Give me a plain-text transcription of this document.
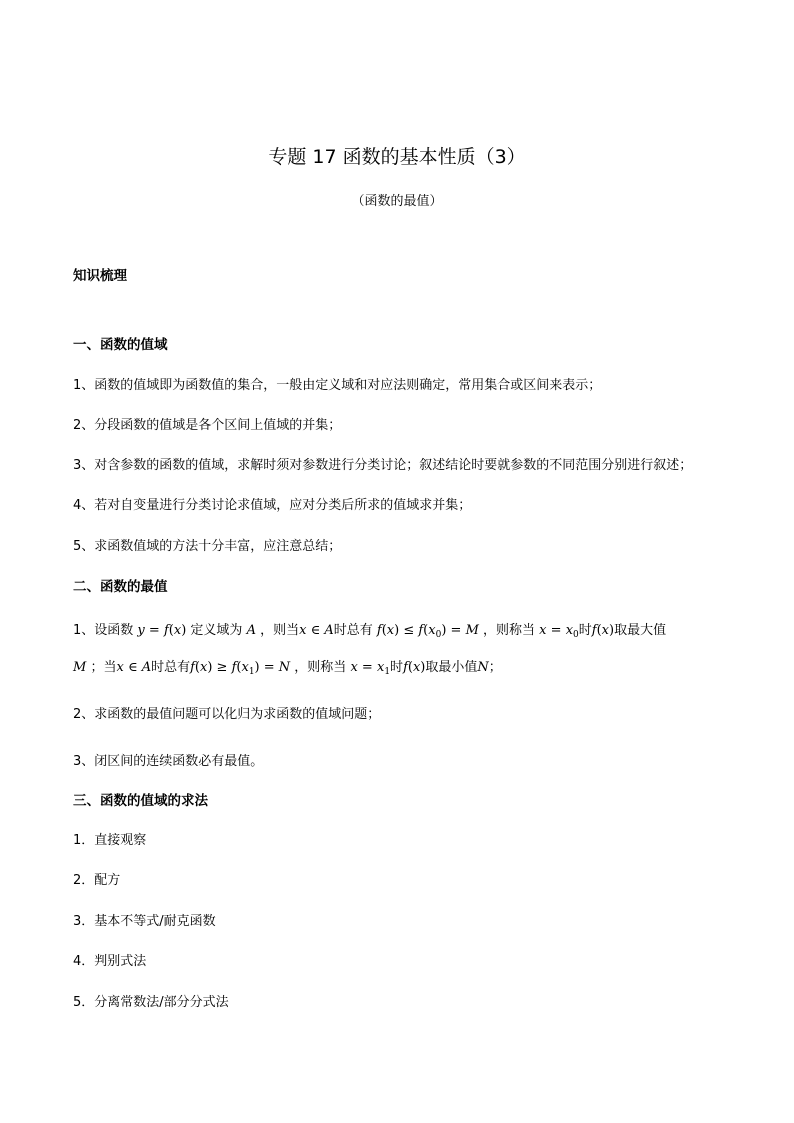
专题 17 函数的基本性质（3）
（函数的最值）
知识梳理
一、函数的值域
1、函数的值域即为函数值的集合，一般由定义域和对应法则确定，常用集合或区间来表示；
2、分段函数的值域是各个区间上值域的并集；
3、对含参数的函数的值域，求解时须对参数进行分类讨论；叙述结论时要就参数的不同范围分别进行叙述；
4、若对自变量进行分类讨论求值域，应对分类后所求的值域求并集；
5、求函数值域的方法十分丰富，应注意总结；
二、函数的最值
1、设函数 y = f(x) 定义域为 A ，则当x ∈ A时总有 $f(x) \le f(x_0) = M$ ，则称当 $x = x_0$时f(x)取最大值
M ；当x ∈ A时总有$f(x) \ge f(x_1) = N$ ，则称当 $x = x_1$时f(x)取最小值N；
2、求函数的最值问题可以化归为求函数的值域问题；
3、闭区间的连续函数必有最值。
三、函数的值域的求法
1．直接观察
2．配方
3．基本不等式/耐克函数
4．判别式法
5．分离常数法/部分分式法
